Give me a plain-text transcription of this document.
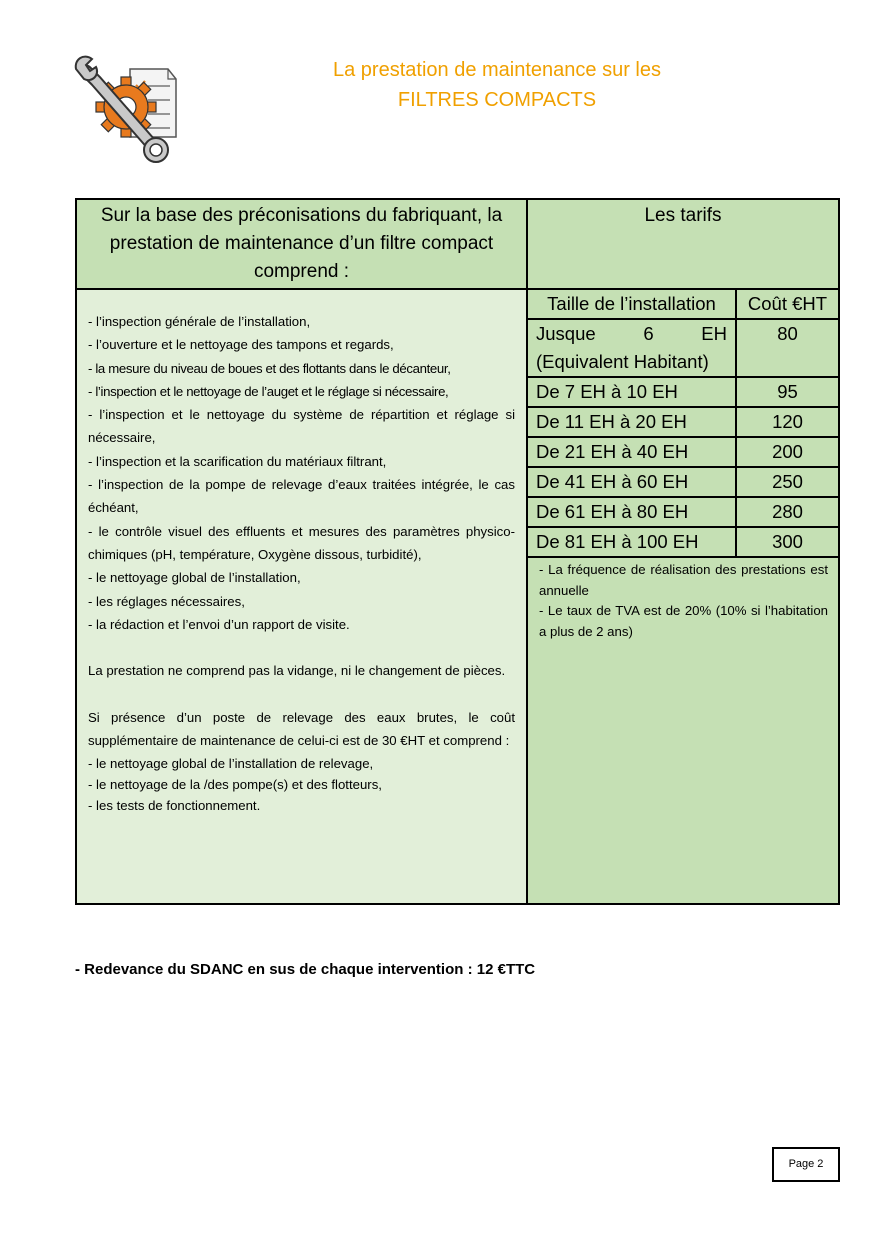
La prestation de maintenance sur les
FILTRES COMPACTS
Sur la base des préconisations du fabriquant, la prestation de maintenance d’un filtre compact comprend :	Les tarifs

- l’inspection générale de l’installation,

- l’ouverture et le nettoyage des tampons et regards,

- la mesure du niveau de boues et des flottants dans le décanteur,

- l’inspection et le nettoyage de l’auget et le réglage si nécessaire,

- l’inspection et le nettoyage du système de répartition et réglage si nécessaire,

- l’inspection et la scarification du matériaux filtrant,

- l’inspection de la pompe de relevage d’eaux traitées intégrée, le cas échéant,

- le contrôle visuel des effluents et mesures des paramètres physico-chimiques (pH, température, Oxygène dissous, turbidité),

- le nettoyage global de l’installation,

- les réglages nécessaires,

- la rédaction et l’envoi d’un rapport de visite.

La prestation ne comprend pas la vidange, ni le changement de pièces.

Si présence d’un poste de relevage des eaux brutes, le coût supplémentaire de maintenance de celui-ci est de 30 €HT et comprend :

- le nettoyage global de l’installation de relevage,

- le nettoyage de la /des pompe(s) et des flotteurs,

- les tests de fonctionnement.

Taille de l’installation	Coût €HT
Jusque 6 EH (Equivalent Habitant)	80
De 7 EH à 10 EH	95
De 11 EH à 20 EH	120
De 21 EH à 40 EH	200
De 41 EH à 60 EH	250
De 61 EH à 80 EH	280
De 81 EH à 100 EH	300

- La fréquence de réalisation des prestations est annuelle

- Le taux de TVA est de 20% (10% si l’habitation a plus de 2 ans)

- Redevance du SDANC en sus de chaque intervention : 12 €TTC
Page 2
